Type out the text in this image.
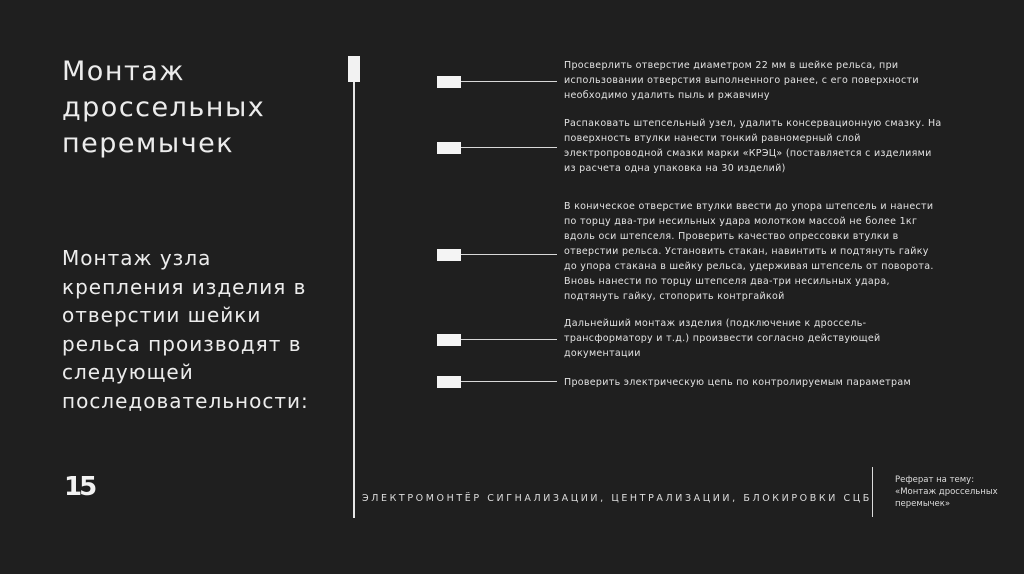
Монтаж
дроссельных
перемычек
Монтаж узла крепления изделия в отверстии шейки рельса производят в следующей последовательности:
15
Просверлить отверстие диаметром 22 мм в шейке рельса, при использовании отверстия выполненного ранее, с его поверхности необходимо удалить пыль и ржавчину
Распаковать штепсельный узел, удалить консервационную смазку. На поверхность втулки нанести тонкий равномерный слой электропроводной смазки марки «КРЭЦ» (поставляется с изделиями из расчета одна упаковка на 30 изделий)
В коническое отверстие втулки ввести до упора штепсель и нанести по торцу два-три несильных удара молотком массой не более 1кг вдоль оси штепселя. Проверить качество опрессовки втулки в отверстии рельса. Установить стакан, навинтить и подтянуть гайку до упора стакана в шейку рельса, удерживая штепсель от поворота. Вновь нанести по торцу штепселя два-три несильных удара, подтянуть гайку, стопорить контргайкой
Дальнейший монтаж изделия (подключение к дроссель-трансформатору и т.д.) произвести согласно действующей документации
Проверить электрическую цепь по контролируемым параметрам
ЭЛЕКТРОМОНТЁР СИГНАЛИЗАЦИИ, ЦЕНТРАЛИЗАЦИИ, БЛОКИРОВКИ СЦБ
Реферат на тему: «Монтаж дроссельных перемычек»
